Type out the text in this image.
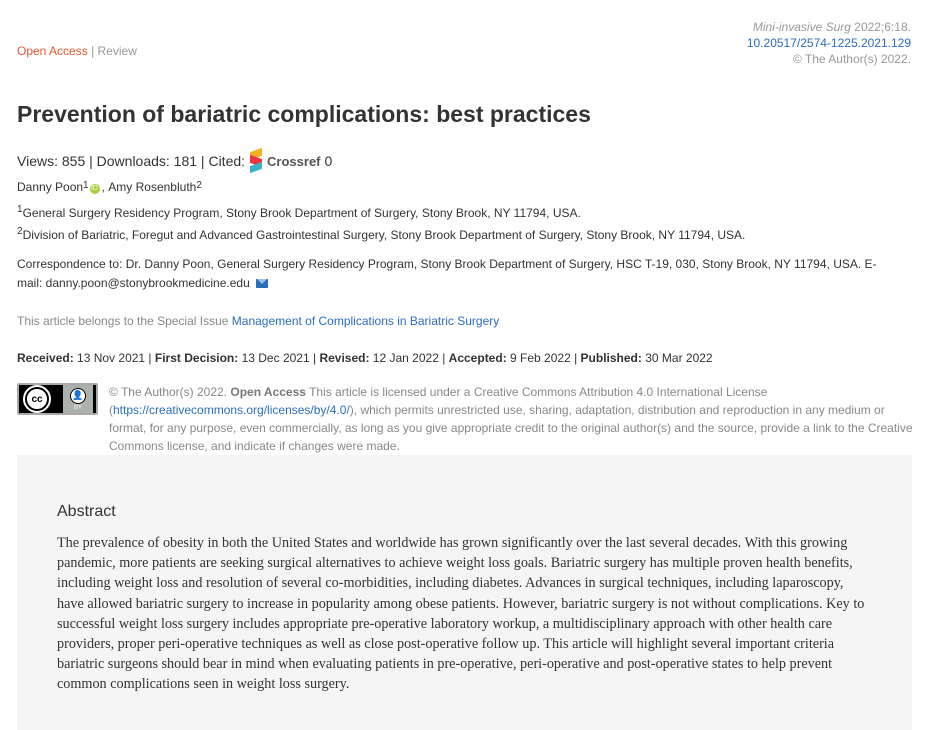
Open Access | Review
Mini-invasive Surg 2022;6:18.
10.20517/2574-1225.2021.129
© The Author(s) 2022.
Prevention of bariatric complications: best practices
Views: 855 | Downloads: 181 | Cited: Crossref 0
Danny Poon 1 iD , Amy Rosenbluth 2
$^1$General Surgery Residency Program, Stony Brook Department of Surgery, Stony Brook, NY 11794, USA.
$^2$Division of Bariatric, Foregut and Advanced Gastrointestinal Surgery, Stony Brook Department of Surgery, Stony Brook, NY 11794, USA.
Correspondence to: Dr. Danny Poon, General Surgery Residency Program, Stony Brook Department of Surgery, HSC T-19, 030, Stony Brook, NY 11794, USA. E-mail: danny.poon@stonybrookmedicine.edu
This article belongs to the Special Issue Management of Complications in Bariatric Surgery
Received: 13 Nov 2021 | First Decision: 13 Dec 2021 | Revised: 12 Jan 2022 | Accepted: 9 Feb 2022 | Published: 30 Mar 2022
cc	👤
BY
© The Author(s) 2022. Open Access This article is licensed under a Creative Commons Attribution 4.0 International License (https://creativecommons.org/licenses/by/4.0/), which permits unrestricted use, sharing, adaptation, distribution and reproduction in any medium or format, for any purpose, even commercially, as long as you give appropriate credit to the original author(s) and the source, provide a link to the Creative Commons license, and indicate if changes were made.
Abstract

The prevalence of obesity in both the United States and worldwide has grown significantly over the last several decades. With this growing pandemic, more patients are seeking surgical alternatives to achieve weight loss goals. Bariatric surgery has multiple proven health benefits, including weight loss and resolution of several co-morbidities, including diabetes. Advances in surgical techniques, including laparoscopy, have allowed bariatric surgery to increase in popularity among obese patients. However, bariatric surgery is not without complications. Key to successful weight loss surgery includes appropriate pre-operative laboratory workup, a multidisciplinary approach with other health care providers, proper peri-operative techniques as well as close post-operative follow up. This article will highlight several important criteria bariatric surgeons should bear in mind when evaluating patients in pre-operative, peri-operative and post-operative states to help prevent common complications seen in weight loss surgery.
